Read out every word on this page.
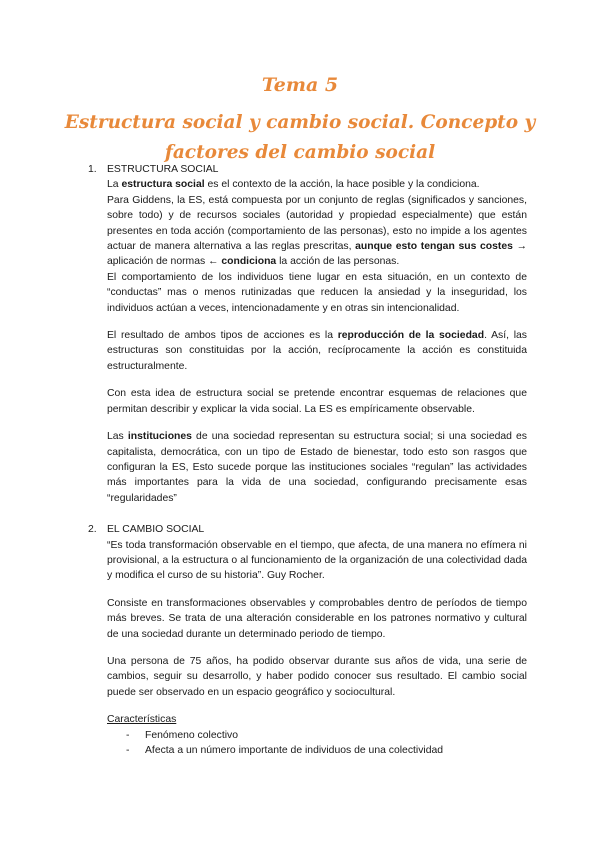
Tema 5
Estructura social y cambio social. Concepto y factores del cambio social
1. ESTRUCTURA SOCIAL

La estructura social es el contexto de la acción, la hace posible y la condiciona.

Para Giddens, la ES, está compuesta por un conjunto de reglas (significados y sanciones, sobre todo) y de recursos sociales (autoridad y propiedad especialmente) que están presentes en toda acción (comportamiento de las personas), esto no impide a los agentes actuar de manera alternativa a las reglas prescritas, aunque esto tengan sus costes → aplicación de normas ← condiciona la acción de las personas.

El comportamiento de los individuos tiene lugar en esta situación, en un contexto de “conductas” mas o menos rutinizadas que reducen la ansiedad y la inseguridad, los individuos actúan a veces, intencionadamente y en otras sin intencionalidad.

El resultado de ambos tipos de acciones es la reproducción de la sociedad. Así, las estructuras son constituidas por la acción, recíprocamente la acción es constituida estructuralmente.

Con esta idea de estructura social se pretende encontrar esquemas de relaciones que permitan describir y explicar la vida social. La ES es empíricamente observable.

Las instituciones de una sociedad representan su estructura social; si una sociedad es capitalista, democrática, con un tipo de Estado de bienestar, todo esto son rasgos que configuran la ES, Esto sucede porque las instituciones sociales “regulan” las actividades más importantes para la vida de una sociedad, configurando precisamente esas “regularidades”

2. EL CAMBIO SOCIAL

“Es toda transformación observable en el tiempo, que afecta, de una manera no efímera ni provisional, a la estructura o al funcionamiento de la organización de una colectividad dada y modifica el curso de su historia”. Guy Rocher.

Consiste en transformaciones observables y comprobables dentro de períodos de tiempo más breves. Se trata de una alteración considerable en los patrones normativo y cultural de una sociedad durante un determinado periodo de tiempo.

Una persona de 75 años, ha podido observar durante sus años de vida, una serie de cambios, seguir su desarrollo, y haber podido conocer sus resultado. El cambio social puede ser observado en un espacio geográfico y sociocultural.

Características

- Fenómeno colectivo
- Afecta a un número importante de individuos de una colectividad
